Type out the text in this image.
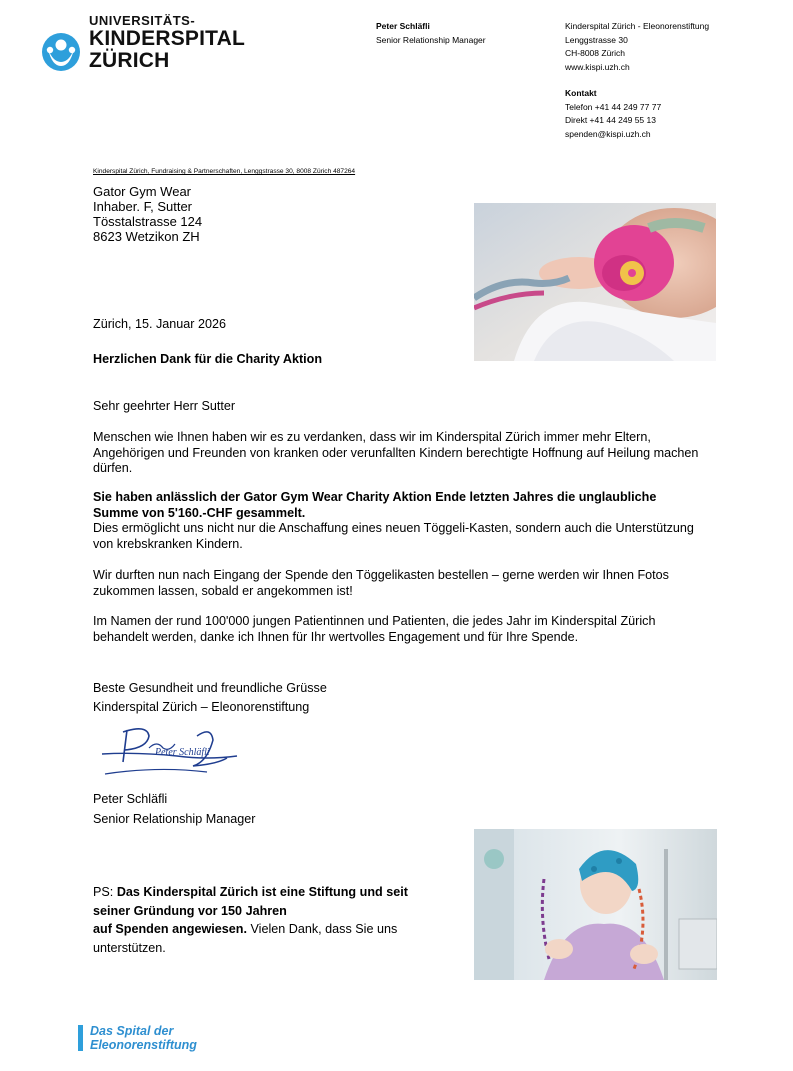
UNIVERSITÄTS-
KINDERSPITAL
ZÜRICH
Peter Schläfli
Senior Relationship Manager
Kinderspital Zürich - Eleonorenstiftung
Lenggstrasse 30
CH-8008 Zürich
www.kispi.uzh.ch
Kontakt
Telefon +41 44 249 77 77
Direkt +41 44 249 55 13
spenden@kispi.uzh.ch
Kinderspital Zürich, Fundraising & Partnerschaften, Lenggstrasse 30, 8008 Zürich 487264
Gator Gym Wear
Inhaber. F, Sutter
Tösstalstrasse 124
8623 Wetzikon ZH
Zürich, 15. Januar 2026
Herzlichen Dank für die Charity Aktion
Sehr geehrter Herr Sutter
Menschen wie Ihnen haben wir es zu verdanken, dass wir im Kinderspital Zürich immer mehr Eltern, Angehörigen und Freunden von kranken oder verunfallten Kindern berechtigte Hoffnung auf Heilung machen dürfen.
Sie haben anlässlich der Gator Gym Wear Charity Aktion Ende letzten Jahres die unglaubliche Summe von 5'160.-CHF gesammelt.
Dies ermöglicht uns nicht nur die Anschaffung eines neuen Töggeli-Kasten, sondern auch die Unterstützung von krebskranken Kindern.
Wir durften nun nach Eingang der Spende den Töggelikasten bestellen – gerne werden wir Ihnen Fotos zukommen lassen, sobald er angekommen ist!
Im Namen der rund 100'000 jungen Patientinnen und Patienten, die jedes Jahr im Kinderspital Zürich behandelt werden, danke ich Ihnen für Ihr wertvolles Engagement und für Ihre Spende.
Beste Gesundheit und freundliche Grüsse
Kinderspital Zürich – Eleonorenstiftung
Peter Schläfli
Peter Schläfli
Senior Relationship Manager
PS: Das Kinderspital Zürich ist eine Stiftung und seit
seiner Gründung vor 150 Jahren
auf Spenden angewiesen. Vielen Dank, dass Sie uns
unterstützen.
Das Spital der
Eleonorenstiftung
